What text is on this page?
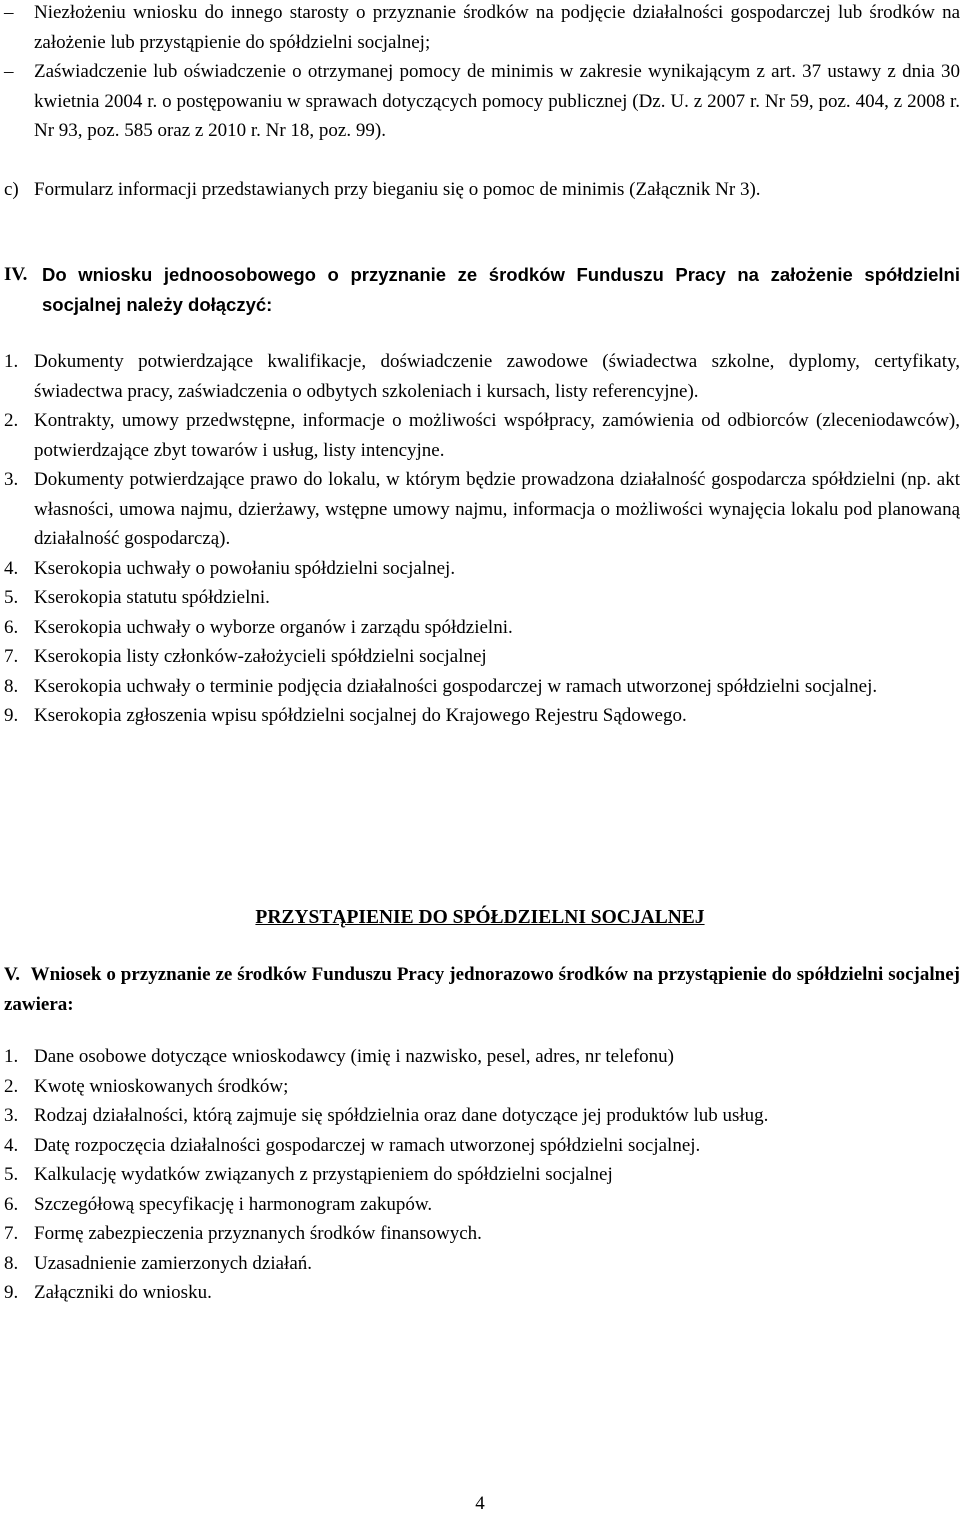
– Niezłożeniu wniosku do innego starosty o przyznanie środków na podjęcie działalności gospodarczej lub środków na założenie lub przystąpienie do spółdzielni socjalnej;
– Zaświadczenie lub oświadczenie o otrzymanej pomocy de minimis w zakresie wynikającym z art. 37 ustawy z dnia 30 kwietnia 2004 r. o postępowaniu w sprawach dotyczących pomocy publicznej (Dz. U. z 2007 r. Nr 59, poz. 404, z 2008 r. Nr 93, poz. 585 oraz z 2010 r. Nr 18, poz. 99).
c) Formularz informacji przedstawianych przy bieganiu się o pomoc de minimis (Załącznik Nr 3).
IV. Do wniosku jednoosobowego o przyznanie ze środków Funduszu Pracy na założenie spółdzielni socjalnej należy dołączyć:
1. Dokumenty potwierdzające kwalifikacje, doświadczenie zawodowe (świadectwa szkolne, dyplomy, certyfikaty, świadectwa pracy, zaświadczenia o odbytych szkoleniach i kursach, listy referencyjne).
2. Kontrakty, umowy przedwstępne, informacje o możliwości współpracy, zamówienia od odbiorców (zleceniodawców), potwierdzające zbyt towarów i usług, listy intencyjne.
3. Dokumenty potwierdzające prawo do lokalu, w którym będzie prowadzona działalność gospodarcza spółdzielni (np. akt własności, umowa najmu, dzierżawy, wstępne umowy najmu, informacja o możliwości wynajęcia lokalu pod planowaną działalność gospodarczą).
4. Kserokopia uchwały o powołaniu spółdzielni socjalnej.
5. Kserokopia statutu spółdzielni.
6. Kserokopia uchwały o wyborze organów i zarządu spółdzielni.
7. Kserokopia listy członków-założycieli spółdzielni socjalnej
8. Kserokopia uchwały o terminie podjęcia działalności gospodarczej w ramach utworzonej spółdzielni socjalnej.
9. Kserokopia zgłoszenia wpisu spółdzielni socjalnej do Krajowego Rejestru Sądowego.
PRZYSTĄPIENIE DO SPÓŁDZIELNI SOCJALNEJ
V. Wniosek o przyznanie ze środków Funduszu Pracy jednorazowo środków na przystąpienie do spółdzielni socjalnej zawiera:
1. Dane osobowe dotyczące wnioskodawcy (imię i nazwisko, pesel, adres, nr telefonu)
2. Kwotę wnioskowanych środków;
3. Rodzaj działalności, którą zajmuje się spółdzielnia oraz dane dotyczące jej produktów lub usług.
4. Datę rozpoczęcia działalności gospodarczej w ramach utworzonej spółdzielni socjalnej.
5. Kalkulację wydatków związanych z przystąpieniem do spółdzielni socjalnej
6. Szczegółową specyfikację i harmonogram zakupów.
7. Formę zabezpieczenia przyznanych środków finansowych.
8. Uzasadnienie zamierzonych działań.
9. Załączniki do wniosku.
4
